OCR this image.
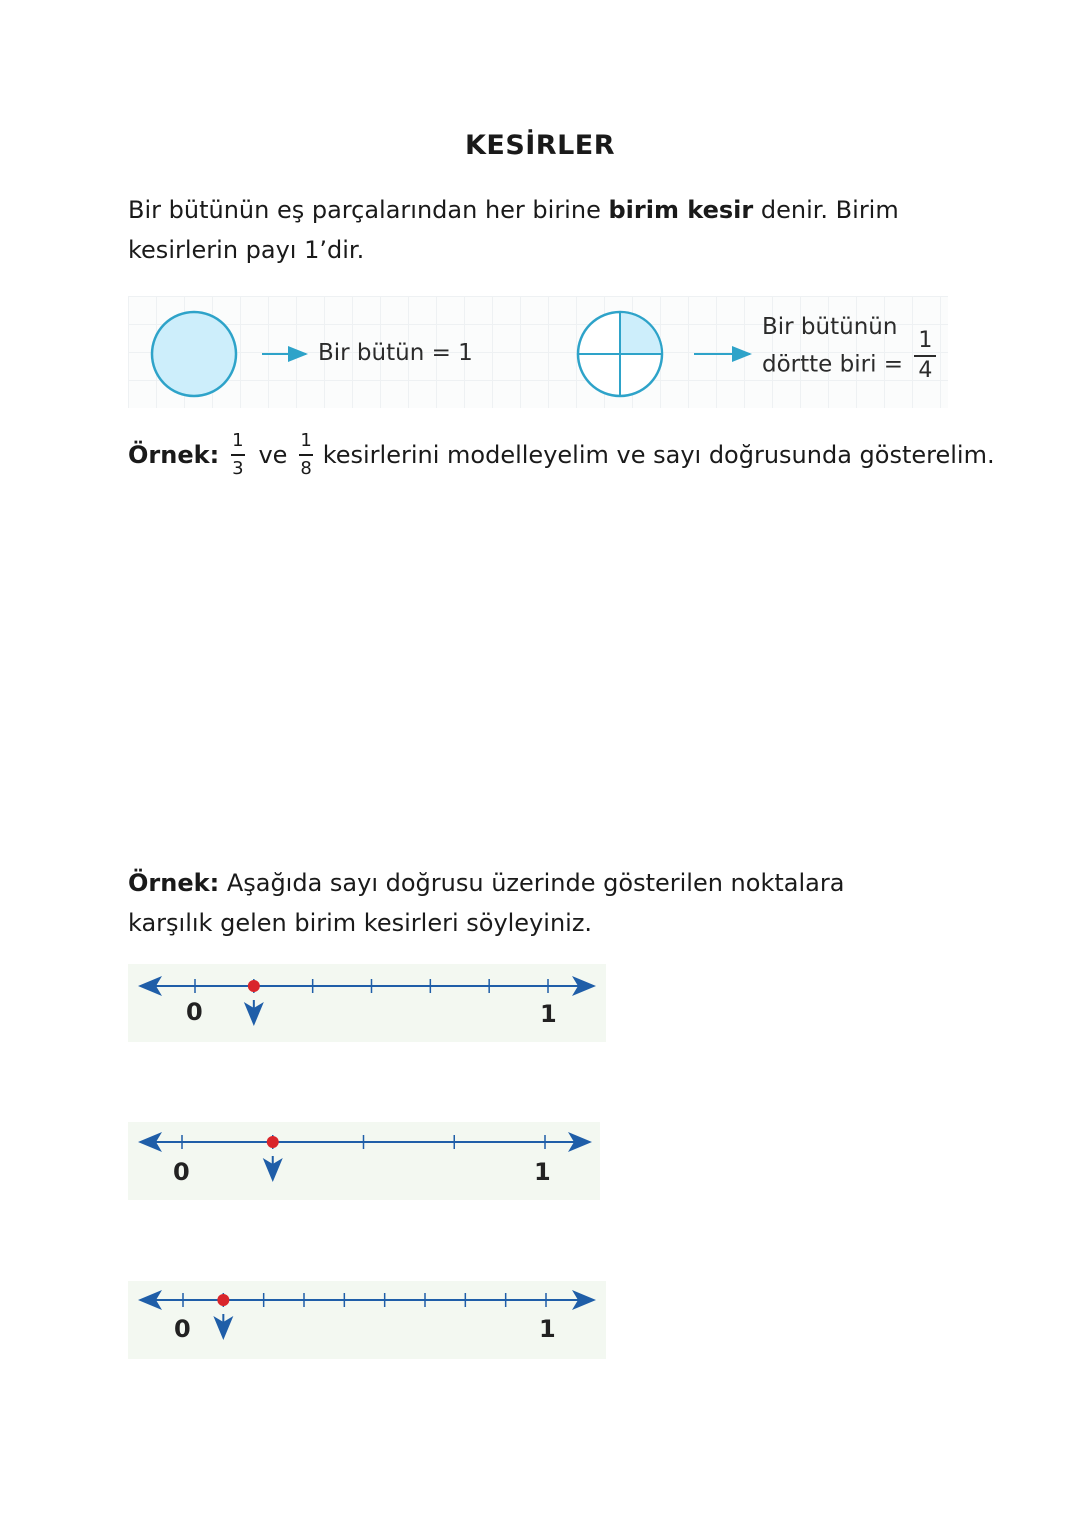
KESİRLER
Bir bütünün eş parçalarından her birine birim kesir denir. Birim kesirlerin payı 1’dir.
Bir bütün = 1
Bir bütünün
dörtte biri = $\frac{1}{4}$
Örnek: $\frac{1}{3}$ ve $\frac{1}{8}$ kesirlerini modelleyelim ve sayı doğrusunda gösterelim.
Örnek: Aşağıda sayı doğrusu üzerinde gösterilen noktalara karşılık gelen birim kesirleri söyleyiniz.
0	1
0	1
0	1
